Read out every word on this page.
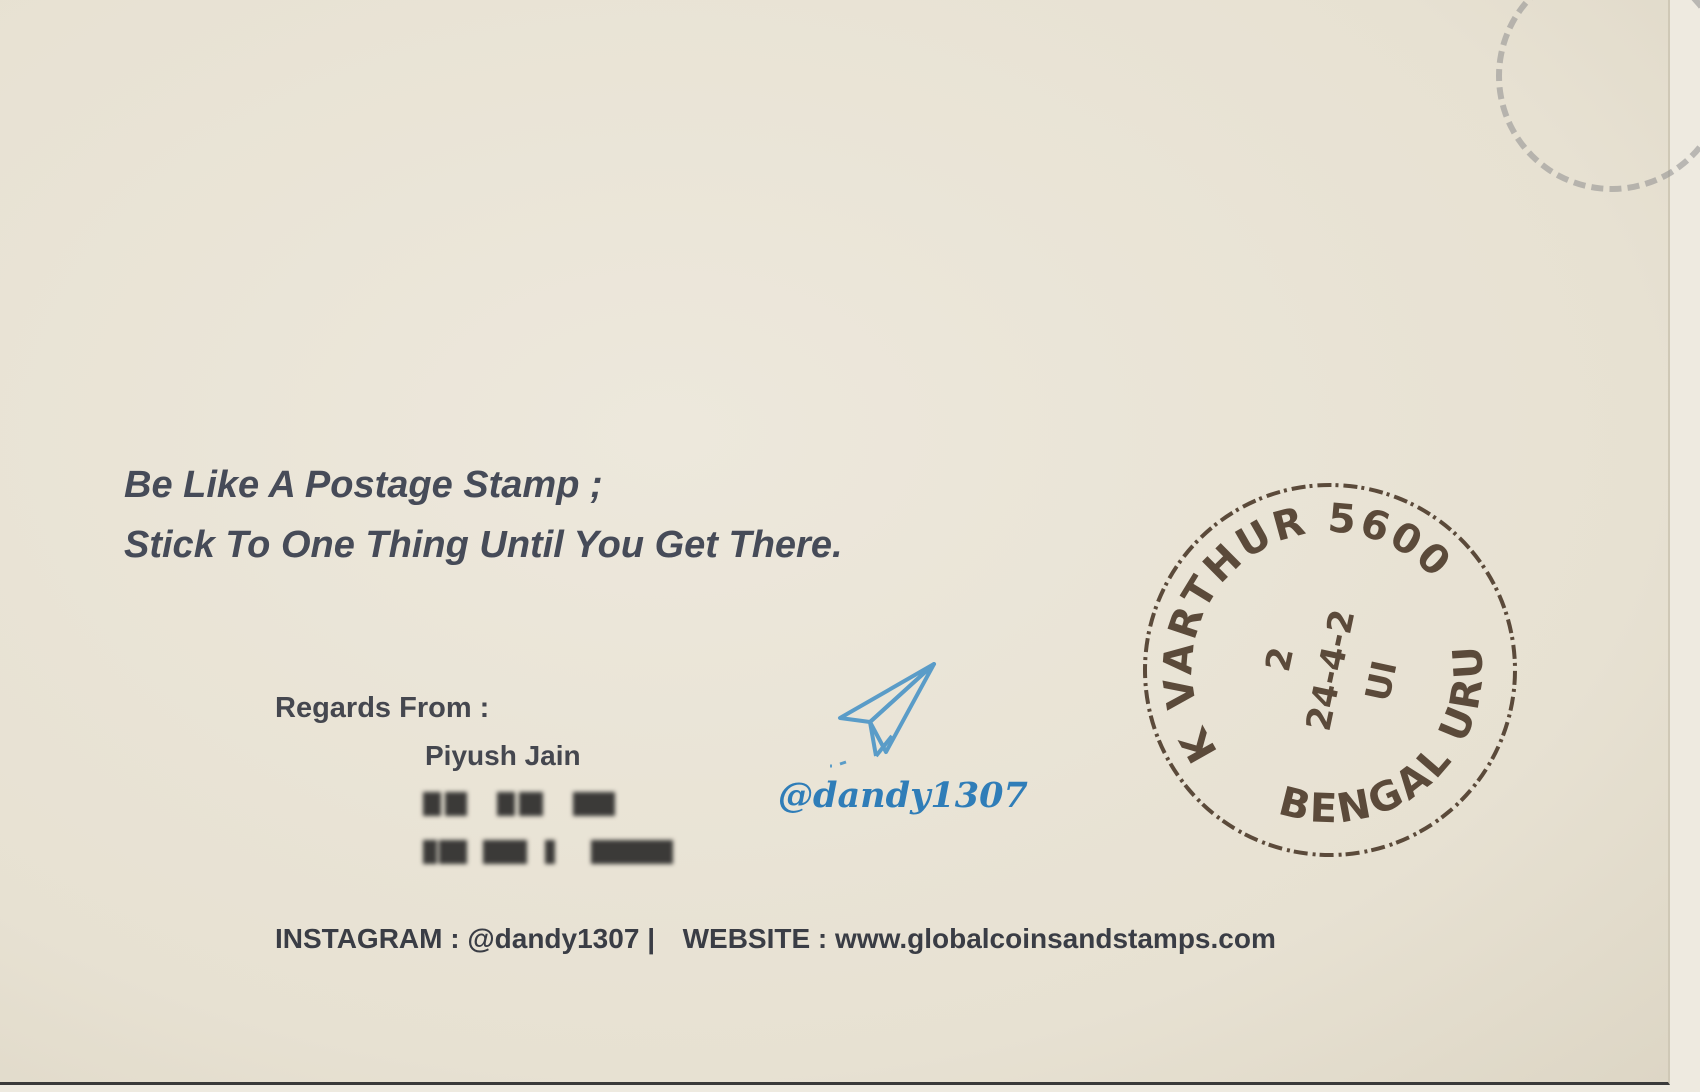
Be Like A Postage Stamp ;
Stick To One Thing Until You Get There.
Regards From :
Piyush Jain
@dandy1307
DAK VARTHUR 560087
BENGAL URU
2
24-4-2
UI
INSTAGRAM : @dandy1307 | WEBSITE : www.globalcoinsandstamps.com
